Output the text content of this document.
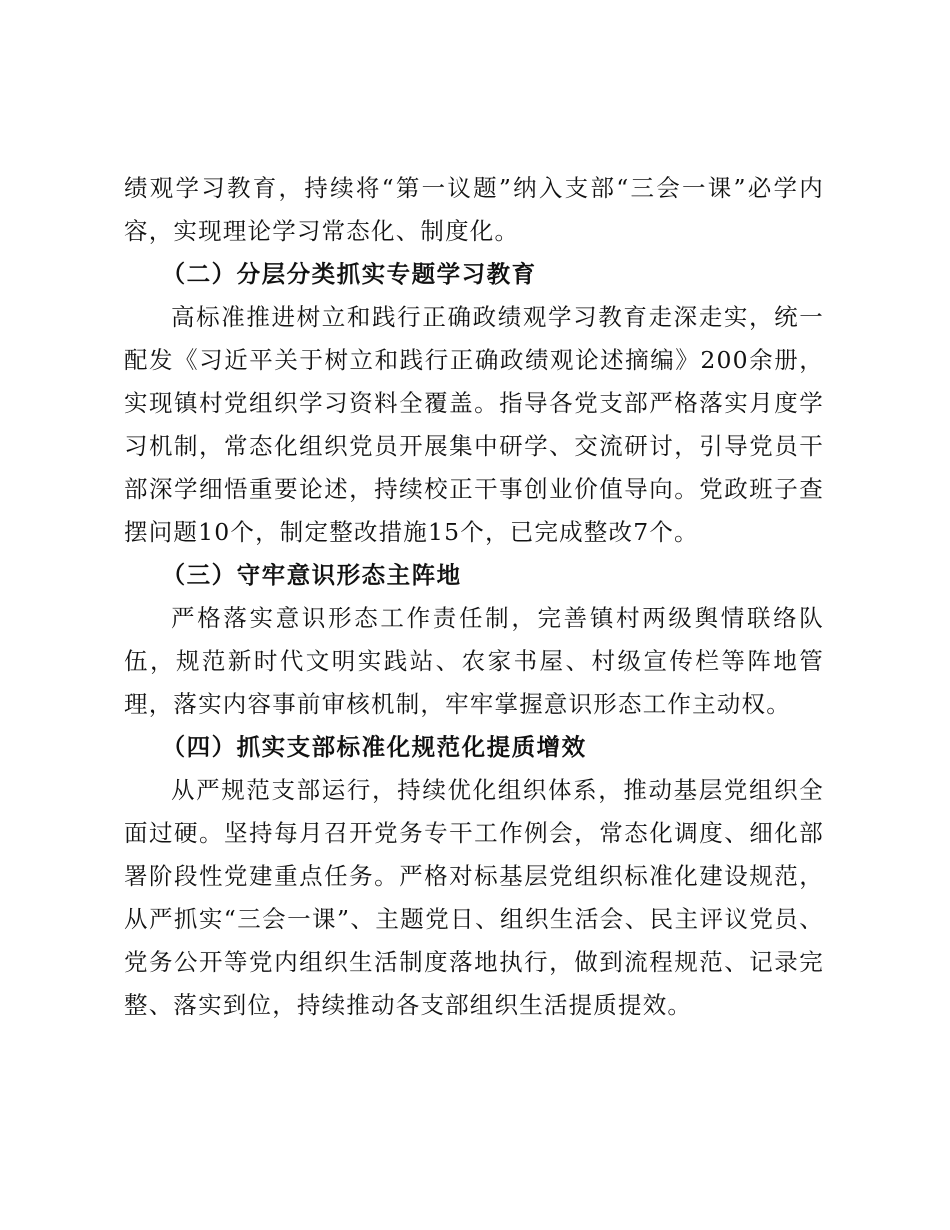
绩观学习教育，持续将“第一议题”纳入支部“三会一课”必学内容，实现理论学习常态化、制度化。

（二）分层分类抓实专题学习教育

高标准推进树立和践行正确政绩观学习教育走深走实，统一配发《习近平关于树立和践行正确政绩观论述摘编》200余册，实现镇村党组织学习资料全覆盖。指导各党支部严格落实月度学习机制，常态化组织党员开展集中研学、交流研讨，引导党员干部深学细悟重要论述，持续校正干事创业价值导向。党政班子查摆问题10个，制定整改措施15个，已完成整改7个。

（三）守牢意识形态主阵地

严格落实意识形态工作责任制，完善镇村两级舆情联络队伍，规范新时代文明实践站、农家书屋、村级宣传栏等阵地管理，落实内容事前审核机制，牢牢掌握意识形态工作主动权。

（四）抓实支部标准化规范化提质增效

从严规范支部运行，持续优化组织体系，推动基层党组织全面过硬。坚持每月召开党务专干工作例会，常态化调度、细化部署阶段性党建重点任务。严格对标基层党组织标准化建设规范，从严抓实“三会一课”、主题党日、组织生活会、民主评议党员、党务公开等党内组织生活制度落地执行，做到流程规范、记录完整、落实到位，持续推动各支部组织生活提质提效。
